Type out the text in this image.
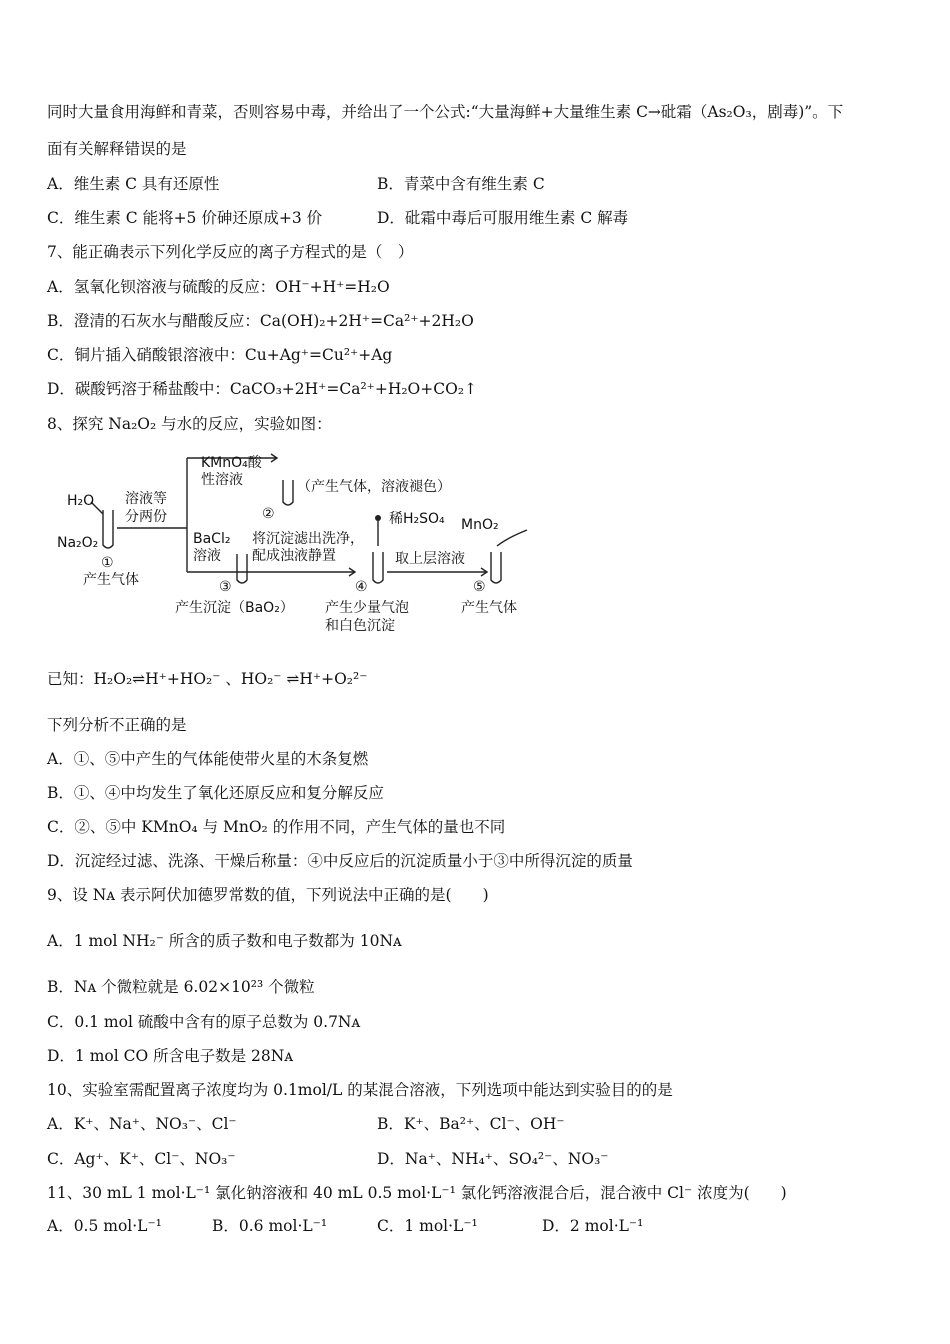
同时大量食用海鲜和青菜，否则容易中毒，并给出了一个公式:“大量海鲜+大量维生素 C→砒霜（As₂O₃，剧毒)”。下
面有关解释错误的是
A．维生素 C 具有还原性	B．青菜中含有维生素 C
C．维生素 C 能将+5 价砷还原成+3 价	D．砒霜中毒后可服用维生素 C 解毒
7、能正确表示下列化学反应的离子方程式的是（　）
A．氢氧化钡溶液与硫酸的反应：OH⁻+H⁺=H₂O
B．澄清的石灰水与醋酸反应：Ca(OH)₂+2H⁺=Ca²⁺+2H₂O
C．铜片插入硝酸银溶液中：Cu+Ag⁺=Cu²⁺+Ag
D．碳酸钙溶于稀盐酸中：CaCO₃+2H⁺=Ca²⁺+H₂O+CO₂↑
8、探究 Na₂O₂ 与水的反应，实验如图：
H₂O
Na₂O₂
溶液等
分两份
KMnO₄酸
性溶液	（产生气体，溶液褪色）
BaCl₂
溶液
将沉淀滤出洗净，
配成浊液静置
稀H₂SO₄ MnO₂
取上层溶液
①
②
③	④	⑤
产生气体
产生沉淀（BaO₂） 产生少量气泡
和白色沉淀
产生气体
已知：H₂O₂⇌H⁺+HO₂⁻ 、HO₂⁻ ⇌H⁺+O₂²⁻
下列分析不正确的是
A．①、⑤中产生的气体能使带火星的木条复燃
B．①、④中均发生了氧化还原反应和复分解反应
C．②、⑤中 KMnO₄ 与 MnO₂ 的作用不同，产生气体的量也不同
D．沉淀经过滤、洗涤、干燥后称量：④中反应后的沉淀质量小于③中所得沉淀的质量
9、设 Nᴀ 表示阿伏加德罗常数的值，下列说法中正确的是(　　)
A．1 mol NH₂⁻ 所含的质子数和电子数都为 10Nᴀ
B．Nᴀ 个微粒就是 6.02×10²³ 个微粒
C．0.1 mol 硫酸中含有的原子总数为 0.7Nᴀ
D．1 mol CO 所含电子数是 28Nᴀ
10、实验室需配置离子浓度均为 0.1mol/L 的某混合溶液，下列选项中能达到实验目的的是
A．K⁺、Na⁺、NO₃⁻、Cl⁻	B．K⁺、Ba²⁺、Cl⁻、OH⁻
C．Ag⁺、K⁺、Cl⁻、NO₃⁻	D．Na⁺、NH₄⁺、SO₄²⁻、NO₃⁻
11、30 mL 1 mol·L⁻¹ 氯化钠溶液和 40 mL 0.5 mol·L⁻¹ 氯化钙溶液混合后，混合液中 Cl⁻ 浓度为(　　)
A．0.5 mol·L⁻¹	B．0.6 mol·L⁻¹	C．1 mol·L⁻¹	D．2 mol·L⁻¹
